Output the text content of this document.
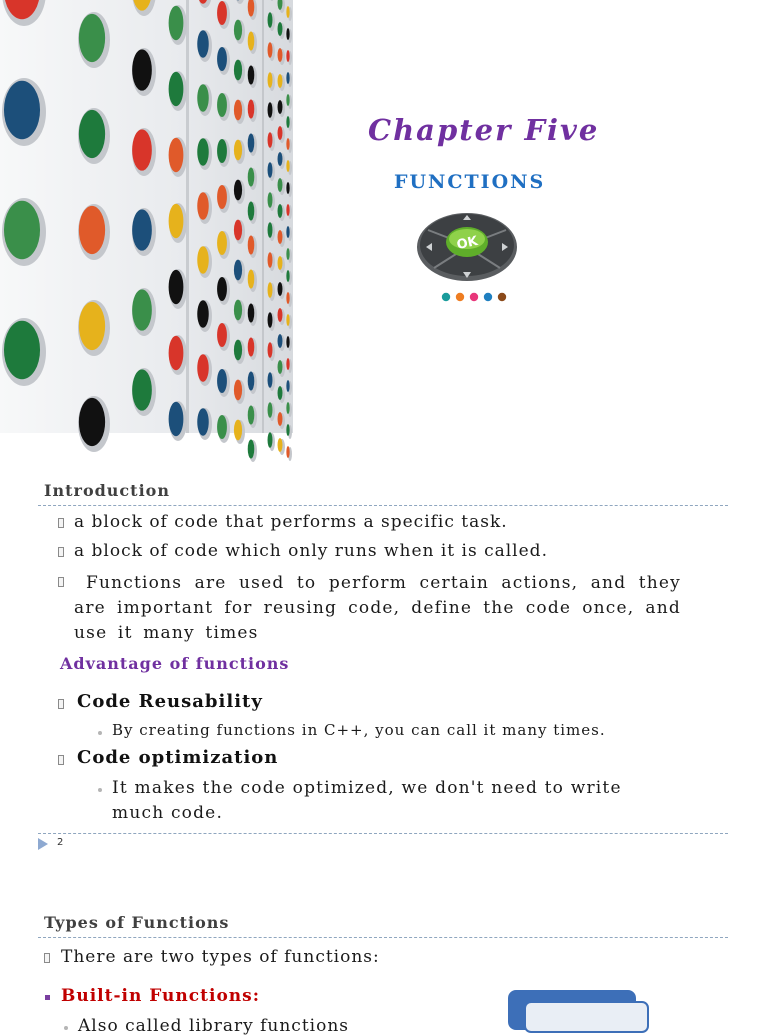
Chapter Five
FUNCTIONS
OK
Introduction
a block of code that performs a specific task.
a block of code which only runs when it is called.
Functions are used to perform certain actions, and they are important for reusing code, define the code once, and use it many times
Advantage of functions
Code Reusability
By creating functions in C++, you can call it many times.
Code optimization
It makes the code optimized, we don't need to write much code.
2
Types of Functions
There are two types of functions:
Built-in Functions:
Also called library functions
